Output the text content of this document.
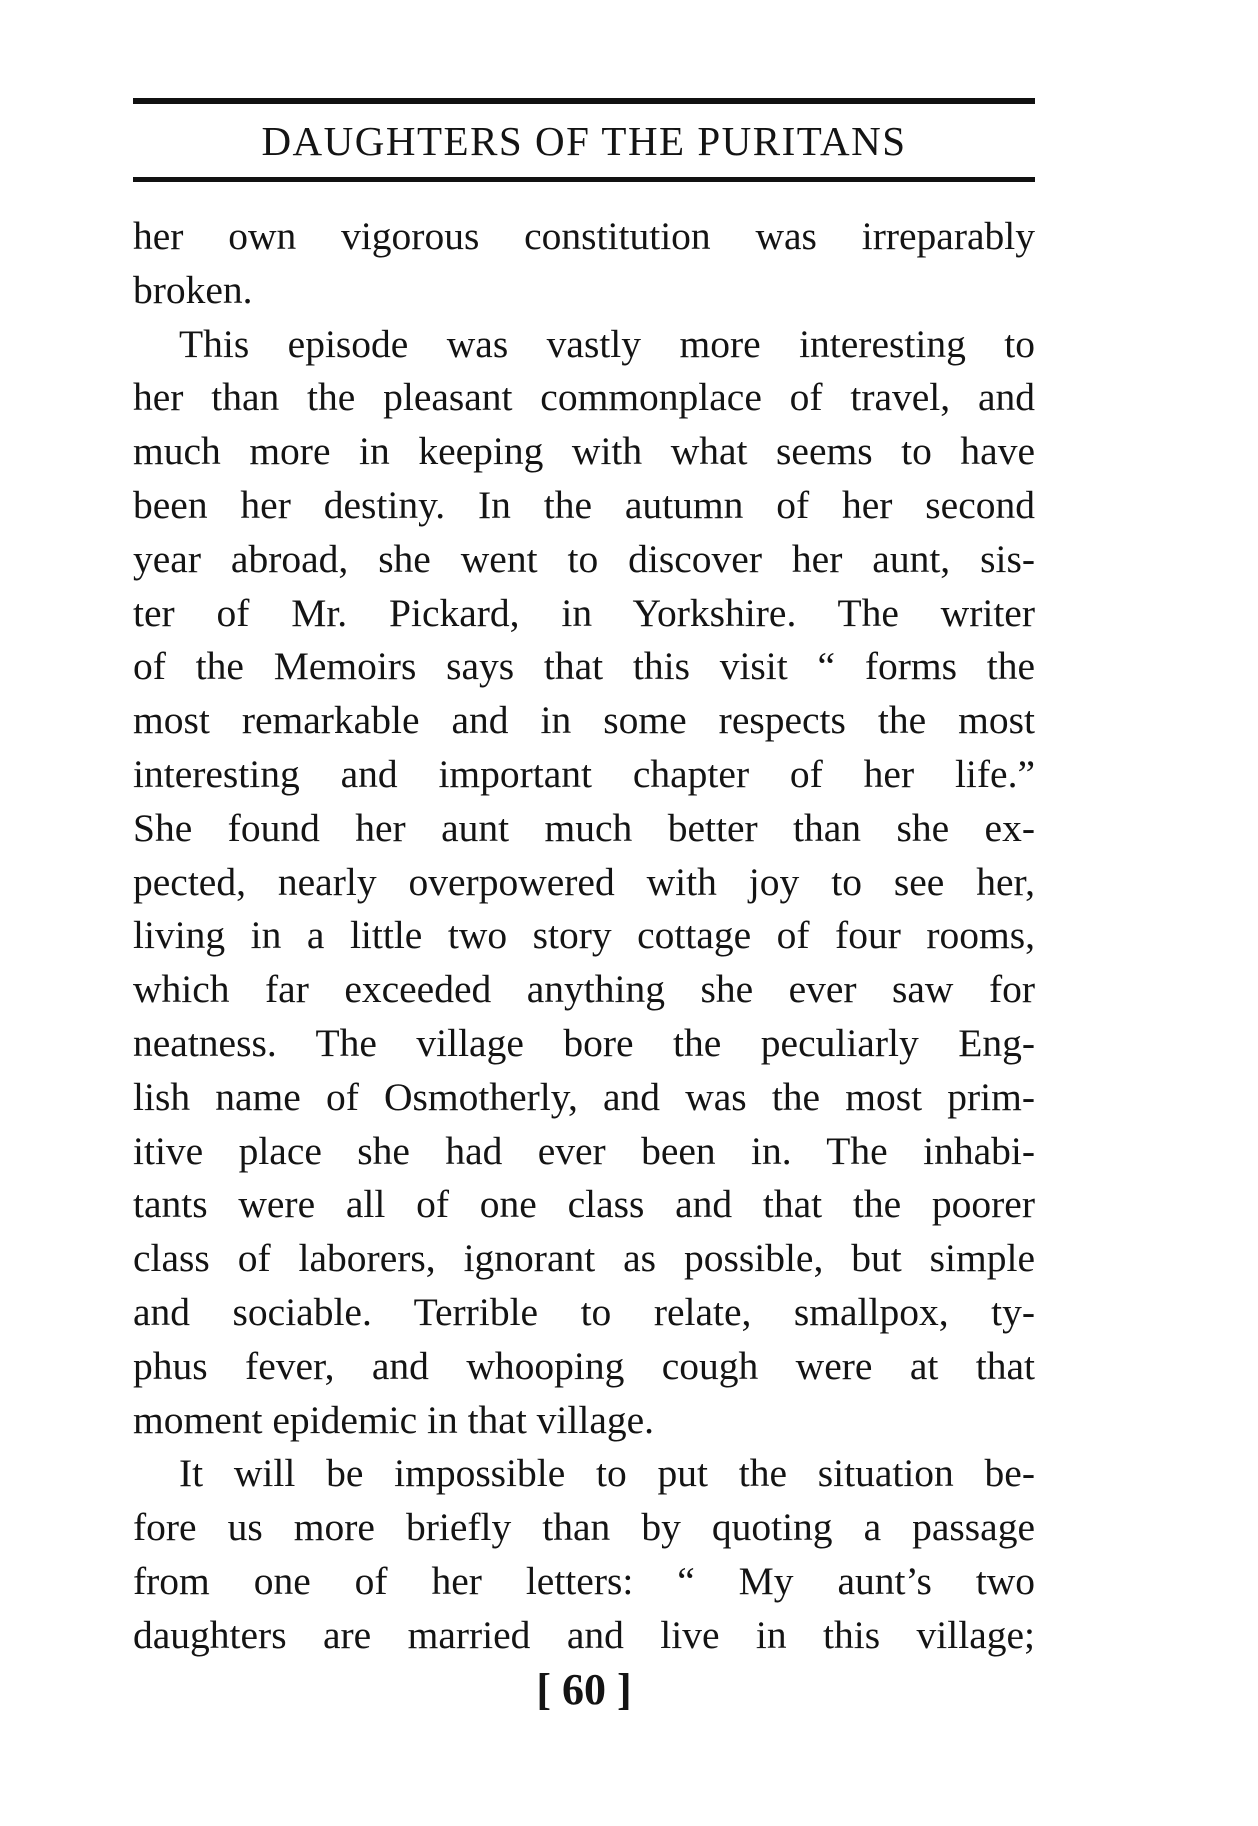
DAUGHTERS OF THE PURITANS
her own vigorous constitution was irreparably
broken.
This episode was vastly more interesting to
her than the pleasant commonplace of travel, and
much more in keeping with what seems to have
been her destiny. In the autumn of her second
year abroad, she went to discover her aunt, sis-
ter of Mr. Pickard, in Yorkshire. The writer
of the Memoirs says that this visit “ forms the
most remarkable and in some respects the most
interesting and important chapter of her life.”
She found her aunt much better than she ex-
pected, nearly overpowered with joy to see her,
living in a little two story cottage of four rooms,
which far exceeded anything she ever saw for
neatness. The village bore the peculiarly Eng-
lish name of Osmotherly, and was the most prim-
itive place she had ever been in. The inhabi-
tants were all of one class and that the poorer
class of laborers, ignorant as possible, but simple
and sociable. Terrible to relate, smallpox, ty-
phus fever, and whooping cough were at that
moment epidemic in that village.
It will be impossible to put the situation be-
fore us more briefly than by quoting a passage
from one of her letters: “ My aunt’s two
daughters are married and live in this village;
[ 60 ]
